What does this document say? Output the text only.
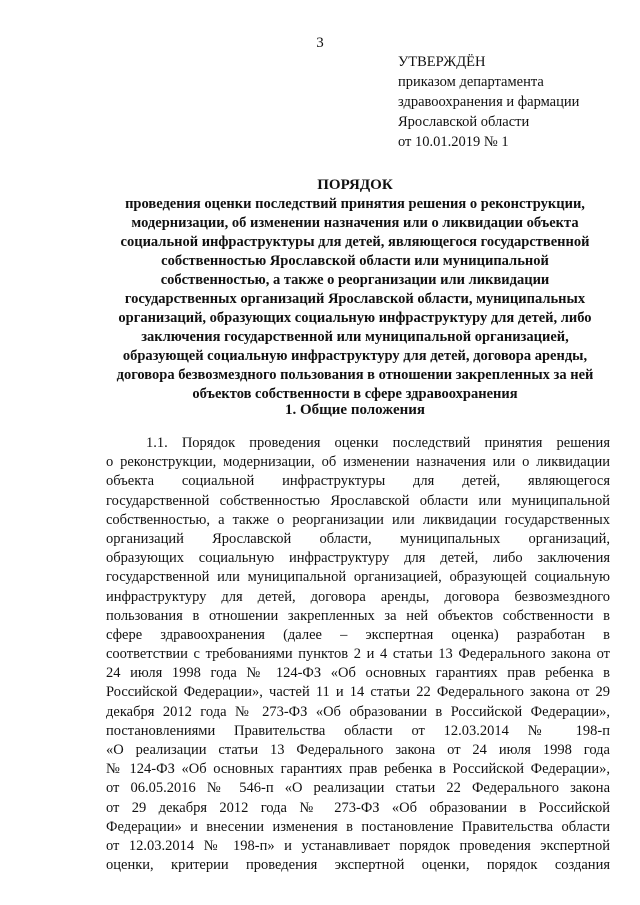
3
УТВЕРЖДЁН
приказом департамента
здравоохранения и фармации
Ярославской области
от 10.01.2019 № 1
ПОРЯДОК
проведения оценки последствий принятия решения о реконструкции,
модернизации, об изменении назначения или о ликвидации объекта
социальной инфраструктуры для детей, являющегося государственной
собственностью Ярославской области или муниципальной
собственностью, а также о реорганизации или ликвидации
государственных организаций Ярославской области, муниципальных
организаций, образующих социальную инфраструктуру для детей, либо
заключения государственной или муниципальной организацией,
образующей социальную инфраструктуру для детей, договора аренды,
договора безвозмездного пользования в отношении закрепленных за ней
объектов собственности в сфере здравоохранения
1. Общие положения
1.1. Порядок проведения оценки последствий принятия решения
о реконструкции, модернизации, об изменении назначения или о ликвидации
объекта социальной инфраструктуры для детей, являющегося
государственной собственностью Ярославской области или муниципальной
собственностью, а также о реорганизации или ликвидации государственных
организаций Ярославской области, муниципальных организаций,
образующих социальную инфраструктуру для детей, либо заключения
государственной или муниципальной организацией, образующей социальную
инфраструктуру для детей, договора аренды, договора безвозмездного
пользования в отношении закрепленных за ней объектов собственности в
сфере здравоохранения (далее – экспертная оценка) разработан в
соответствии с требованиями пунктов 2 и 4 статьи 13 Федерального закона от
24 июля 1998 года № 124-ФЗ «Об основных гарантиях прав ребенка в
Российской Федерации», частей 11 и 14 статьи 22 Федерального закона от 29
декабря 2012 года № 273-ФЗ «Об образовании в Российской Федерации»,
постановлениями Правительства области от 12.03.2014 № 198-п
«О реализации статьи 13 Федерального закона от 24 июля 1998 года
№ 124-ФЗ «Об основных гарантиях прав ребенка в Российской Федерации»,
от 06.05.2016 № 546-п «О реализации статьи 22 Федерального закона
от 29 декабря 2012 года № 273-ФЗ «Об образовании в Российской
Федерации» и внесении изменения в постановление Правительства области
от 12.03.2014 № 198-п» и устанавливает порядок проведения экспертной
оценки, критерии проведения экспертной оценки, порядок создания
